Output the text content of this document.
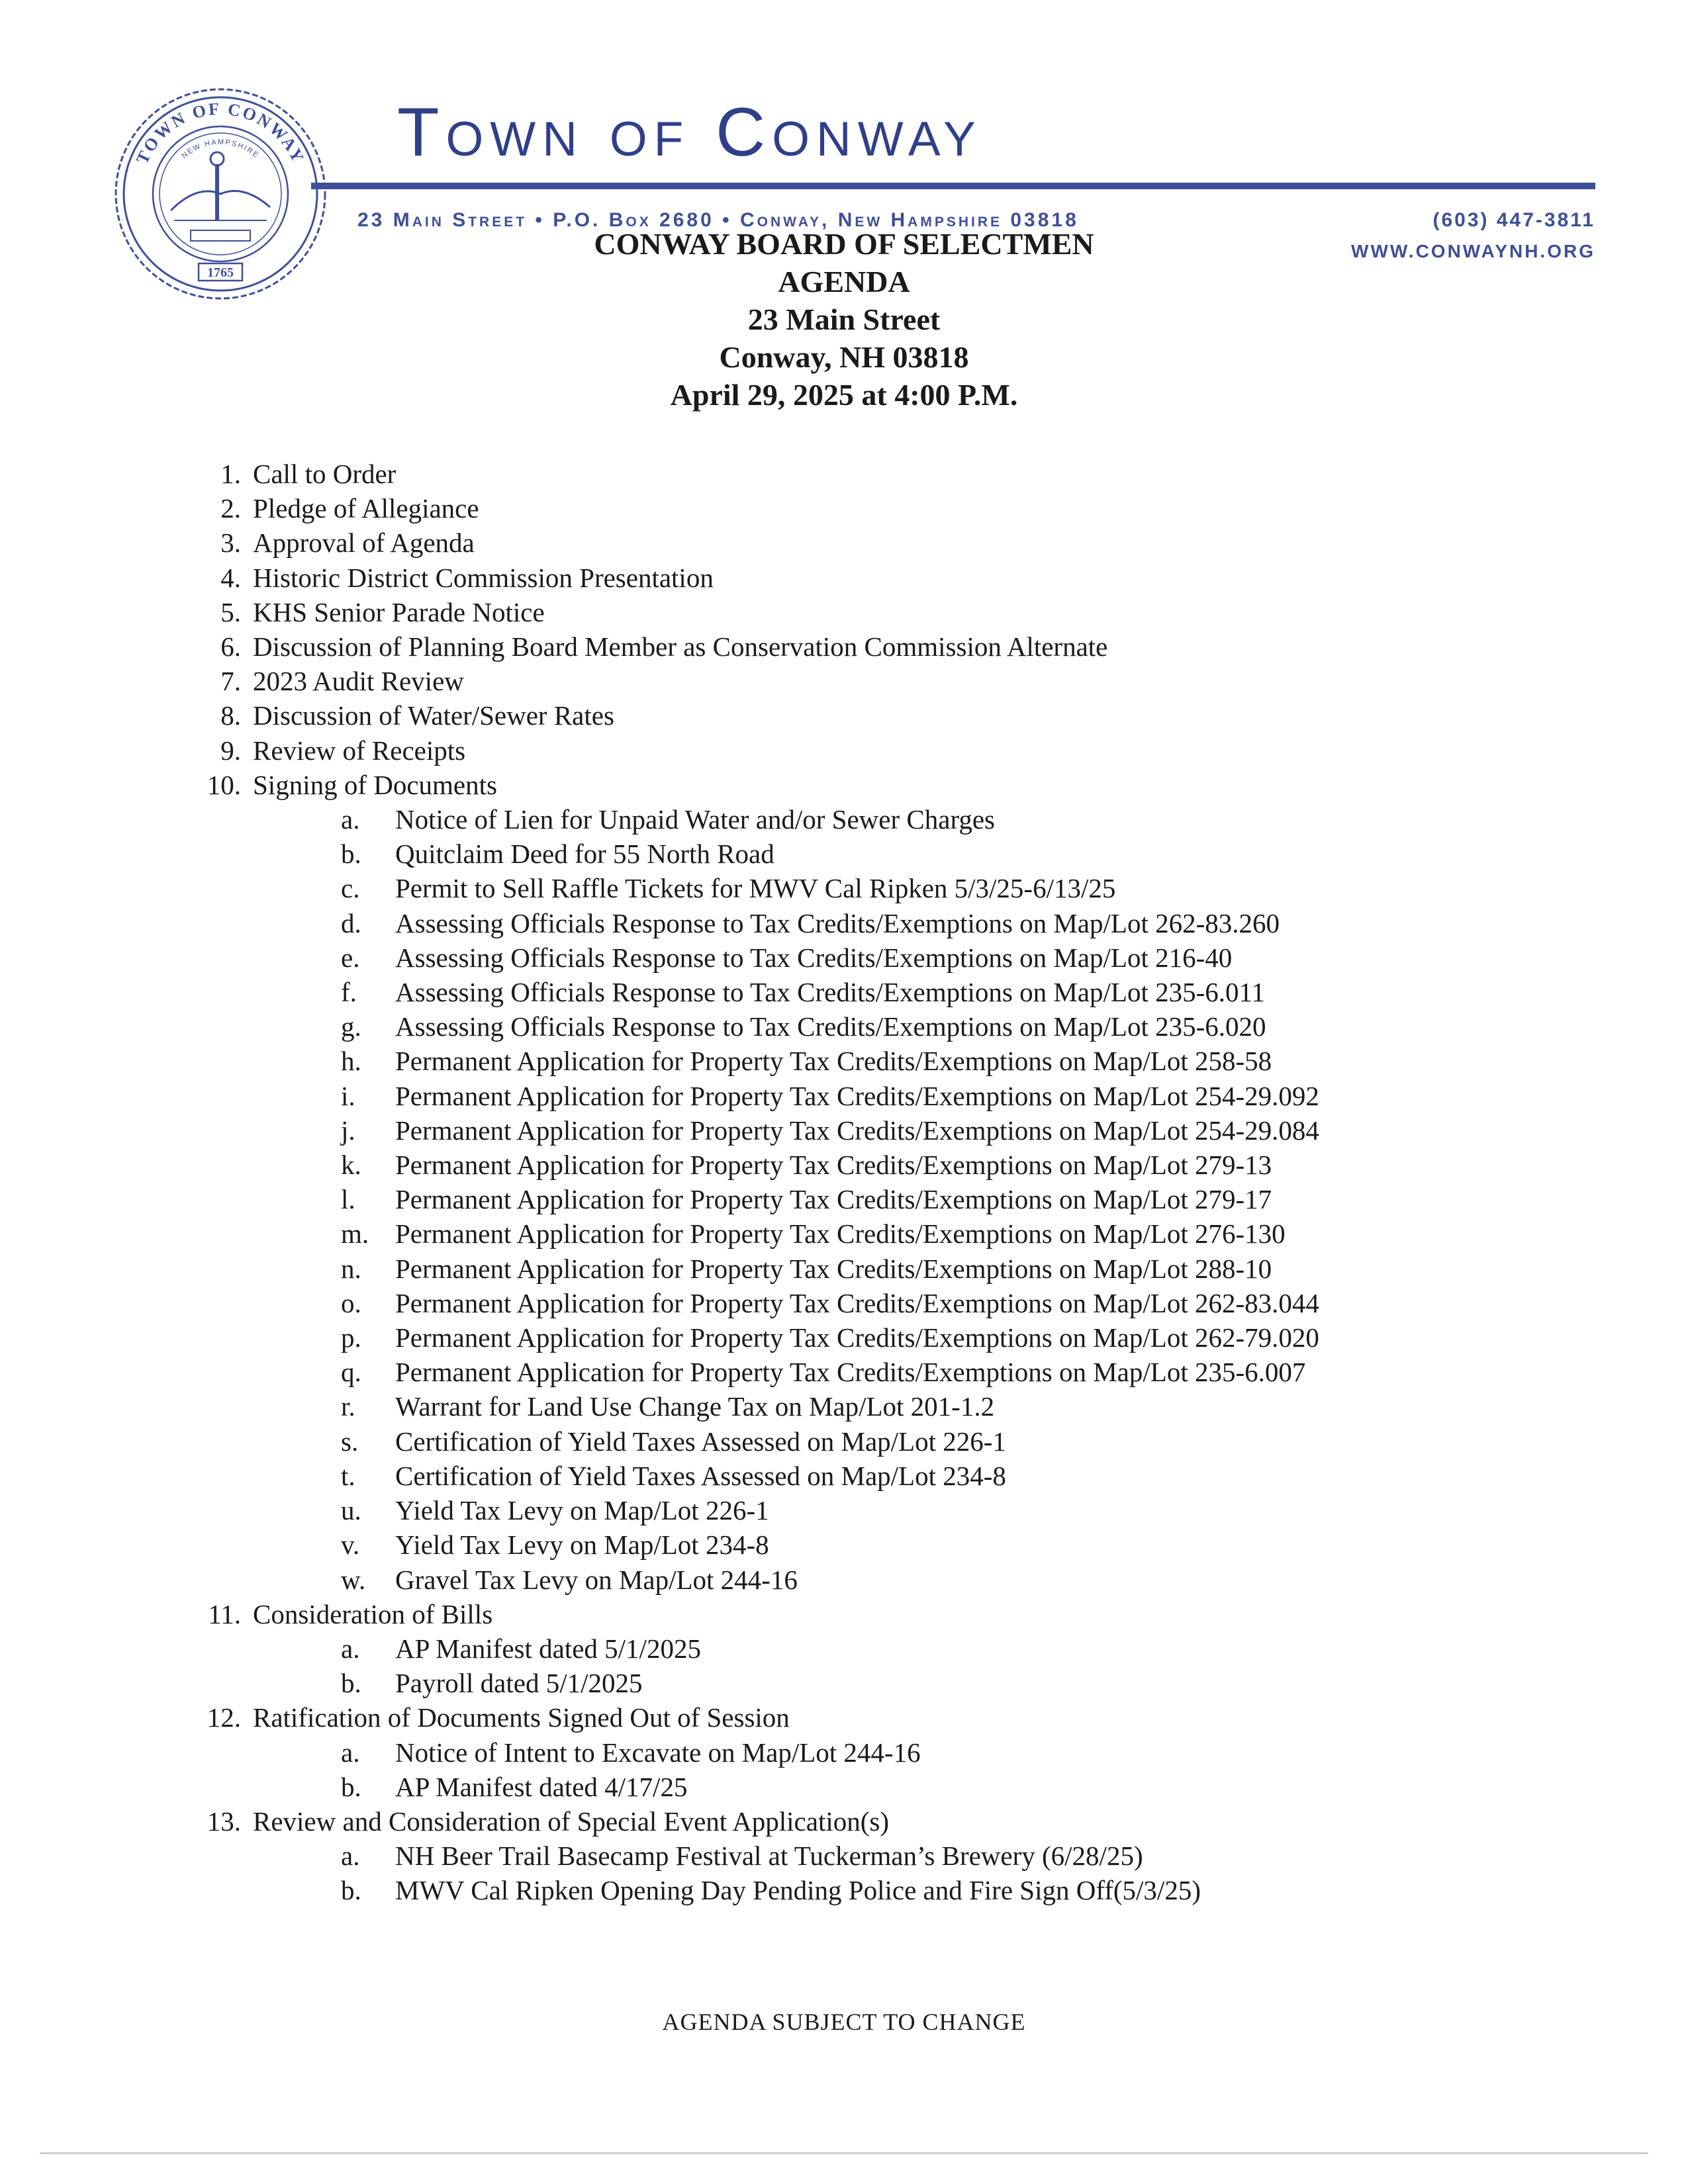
TOWN OF CONWAY
NEW HAMPSHIRE
1765
Town of Conway
23 Main Street • P.O. Box 2680 • Conway, New Hampshire 03818	(603) 447-3811
WWW.CONWAYNH.ORG
CONWAY BOARD OF SELECTMEN
AGENDA
23 Main Street
Conway, NH 03818
April 29, 2025 at 4:00 P.M.
1. Call to Order
2. Pledge of Allegiance
3. Approval of Agenda
4. Historic District Commission Presentation
5. KHS Senior Parade Notice
6. Discussion of Planning Board Member as Conservation Commission Alternate
7. 2023 Audit Review
8. Discussion of Water/Sewer Rates
9. Review of Receipts
10. Signing of Documents
a.	Notice of Lien for Unpaid Water and/or Sewer Charges
b.	Quitclaim Deed for 55 North Road
c.	Permit to Sell Raffle Tickets for MWV Cal Ripken 5/3/25-6/13/25
d.	Assessing Officials Response to Tax Credits/Exemptions on Map/Lot 262-83.260
e.	Assessing Officials Response to Tax Credits/Exemptions on Map/Lot 216-40
f.	Assessing Officials Response to Tax Credits/Exemptions on Map/Lot 235-6.011
g.	Assessing Officials Response to Tax Credits/Exemptions on Map/Lot 235-6.020
h.	Permanent Application for Property Tax Credits/Exemptions on Map/Lot 258-58
i.	Permanent Application for Property Tax Credits/Exemptions on Map/Lot 254-29.092
j.	Permanent Application for Property Tax Credits/Exemptions on Map/Lot 254-29.084
k.	Permanent Application for Property Tax Credits/Exemptions on Map/Lot 279-13
l.	Permanent Application for Property Tax Credits/Exemptions on Map/Lot 279-17
m. Permanent Application for Property Tax Credits/Exemptions on Map/Lot 276-130
n.	Permanent Application for Property Tax Credits/Exemptions on Map/Lot 288-10
o.	Permanent Application for Property Tax Credits/Exemptions on Map/Lot 262-83.044
p.	Permanent Application for Property Tax Credits/Exemptions on Map/Lot 262-79.020
q.	Permanent Application for Property Tax Credits/Exemptions on Map/Lot 235-6.007
r.	Warrant for Land Use Change Tax on Map/Lot 201-1.2
s.	Certification of Yield Taxes Assessed on Map/Lot 226-1
t.	Certification of Yield Taxes Assessed on Map/Lot 234-8
u.	Yield Tax Levy on Map/Lot 226-1
v.	Yield Tax Levy on Map/Lot 234-8
w.	Gravel Tax Levy on Map/Lot 244-16
11. Consideration of Bills
a.	AP Manifest dated 5/1/2025
b.	Payroll dated 5/1/2025
12. Ratification of Documents Signed Out of Session
a.	Notice of Intent to Excavate on Map/Lot 244-16
b.	AP Manifest dated 4/17/25
13. Review and Consideration of Special Event Application(s)
a.	NH Beer Trail Basecamp Festival at Tuckerman’s Brewery (6/28/25)
b.	MWV Cal Ripken Opening Day Pending Police and Fire Sign Off(5/3/25)
AGENDA SUBJECT TO CHANGE
